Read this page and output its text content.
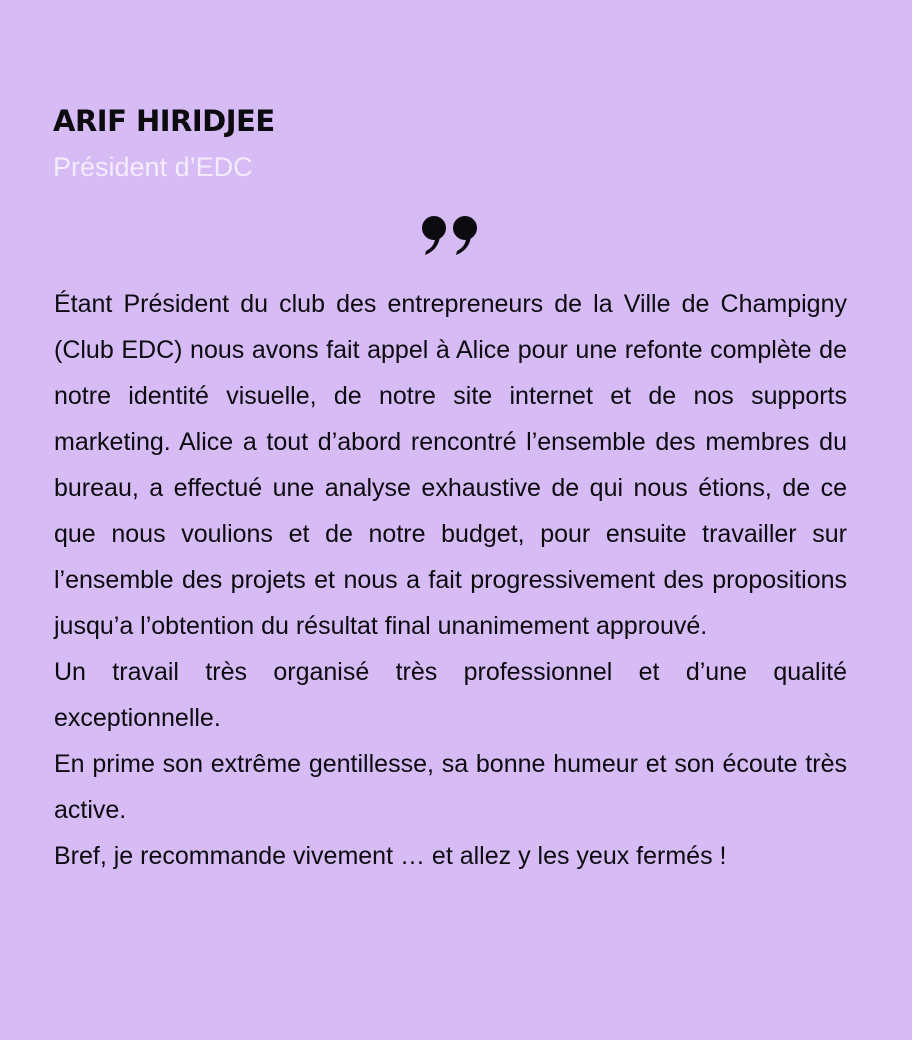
ARIF HIRIDJEE
Président d’EDC

Étant Président du club des entrepreneurs de la Ville de Champigny (Club EDC) nous avons fait appel à Alice pour une refonte complète de notre identité visuelle, de notre site internet et de nos supports marketing. Alice a tout d’abord rencontré l’ensemble des membres du bureau, a effectué une analyse exhaustive de qui nous étions, de ce que nous voulions et de notre budget, pour ensuite travailler sur l’ensemble des projets et nous a fait progressivement des propositions jusqu’a l’obtention du résultat final unanimement approuvé.

Un travail très organisé très professionnel et d’une qualité exceptionnelle.

En prime son extrême gentillesse, sa bonne humeur et son écoute très active.

Bref, je recommande vivement … et allez y les yeux fermés !
